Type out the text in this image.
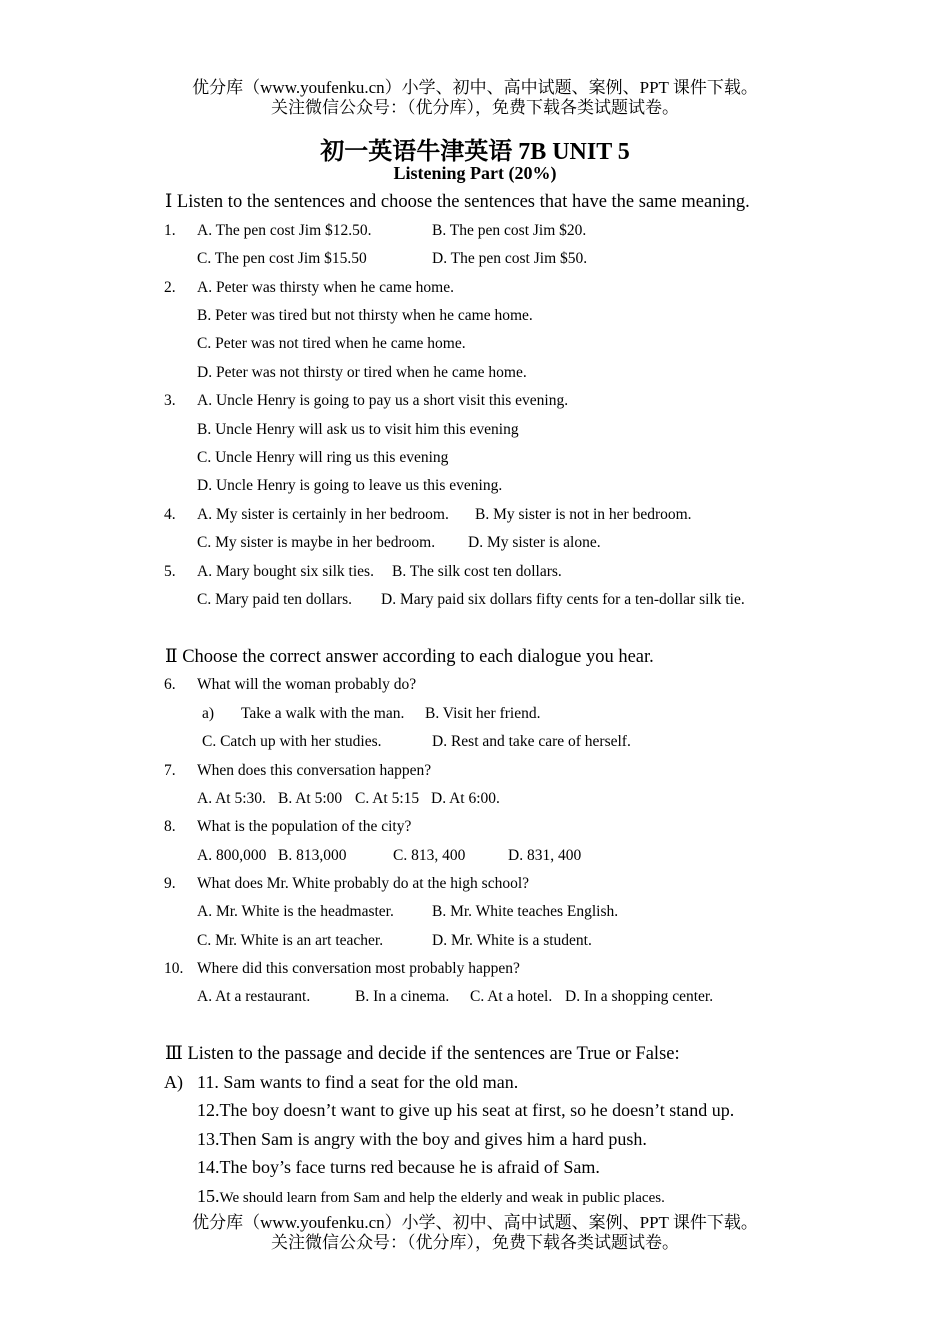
优分库（www.youfenku.cn）小学、初中、高中试题、案例、PPT 课件下载。
关注微信公众号：（优分库），免费下载各类试题试卷。
初一英语牛津英语 7B UNIT 5
Listening Part (20%)
Ⅰ Listen to the sentences and choose the sentences that have the same meaning.
1. A. The pen cost Jim $12.50.	B. The pen cost Jim $20.
C. The pen cost Jim $15.50	D. The pen cost Jim $50.
2. A. Peter was thirsty when he came home.
B. Peter was tired but not thirsty when he came home.
C. Peter was not tired when he came home.
D. Peter was not thirsty or tired when he came home.
3. A. Uncle Henry is going to pay us a short visit this evening.
B. Uncle Henry will ask us to visit him this evening
C. Uncle Henry will ring us this evening
D. Uncle Henry is going to leave us this evening.
4. A. My sister is certainly in her bedroom. B. My sister is not in her bedroom.
C. My sister is maybe in her bedroom. D. My sister is alone.
5. A. Mary bought six silk ties. B. The silk cost ten dollars.
C. Mary paid ten dollars. D. Mary paid six dollars fifty cents for a ten-dollar silk tie.
Ⅱ Choose the correct answer according to each dialogue you hear.
6. What will the woman probably do?
a) Take a walk with the man. B. Visit her friend.
C. Catch up with her studies.	D. Rest and take care of herself.
7. When does this conversation happen?
A. At 5:30. B. At 5:00 C. At 5:15 D. At 6:00.
8. What is the population of the city?
A. 800,000 B. 813,000	C. 813, 400	D. 831, 400
9. What does Mr. White probably do at the high school?
A. Mr. White is the headmaster. B. Mr. White teaches English.
C. Mr. White is an art teacher.	D. Mr. White is a student.
10. Where did this conversation most probably happen?
A. At a restaurant.	B. In a cinema. C. At a hotel. D. In a shopping center.
Ⅲ Listen to the passage and decide if the sentences are True or False:
A) 11. Sam wants to find a seat for the old man.
12.The boy doesn’t want to give up his seat at first, so he doesn’t stand up.
13.Then Sam is angry with the boy and gives him a hard push.
14.The boy’s face turns red because he is afraid of Sam.
15.We should learn from Sam and help the elderly and weak in public places.
优分库（www.youfenku.cn）小学、初中、高中试题、案例、PPT 课件下载。
关注微信公众号：（优分库），免费下载各类试题试卷。
